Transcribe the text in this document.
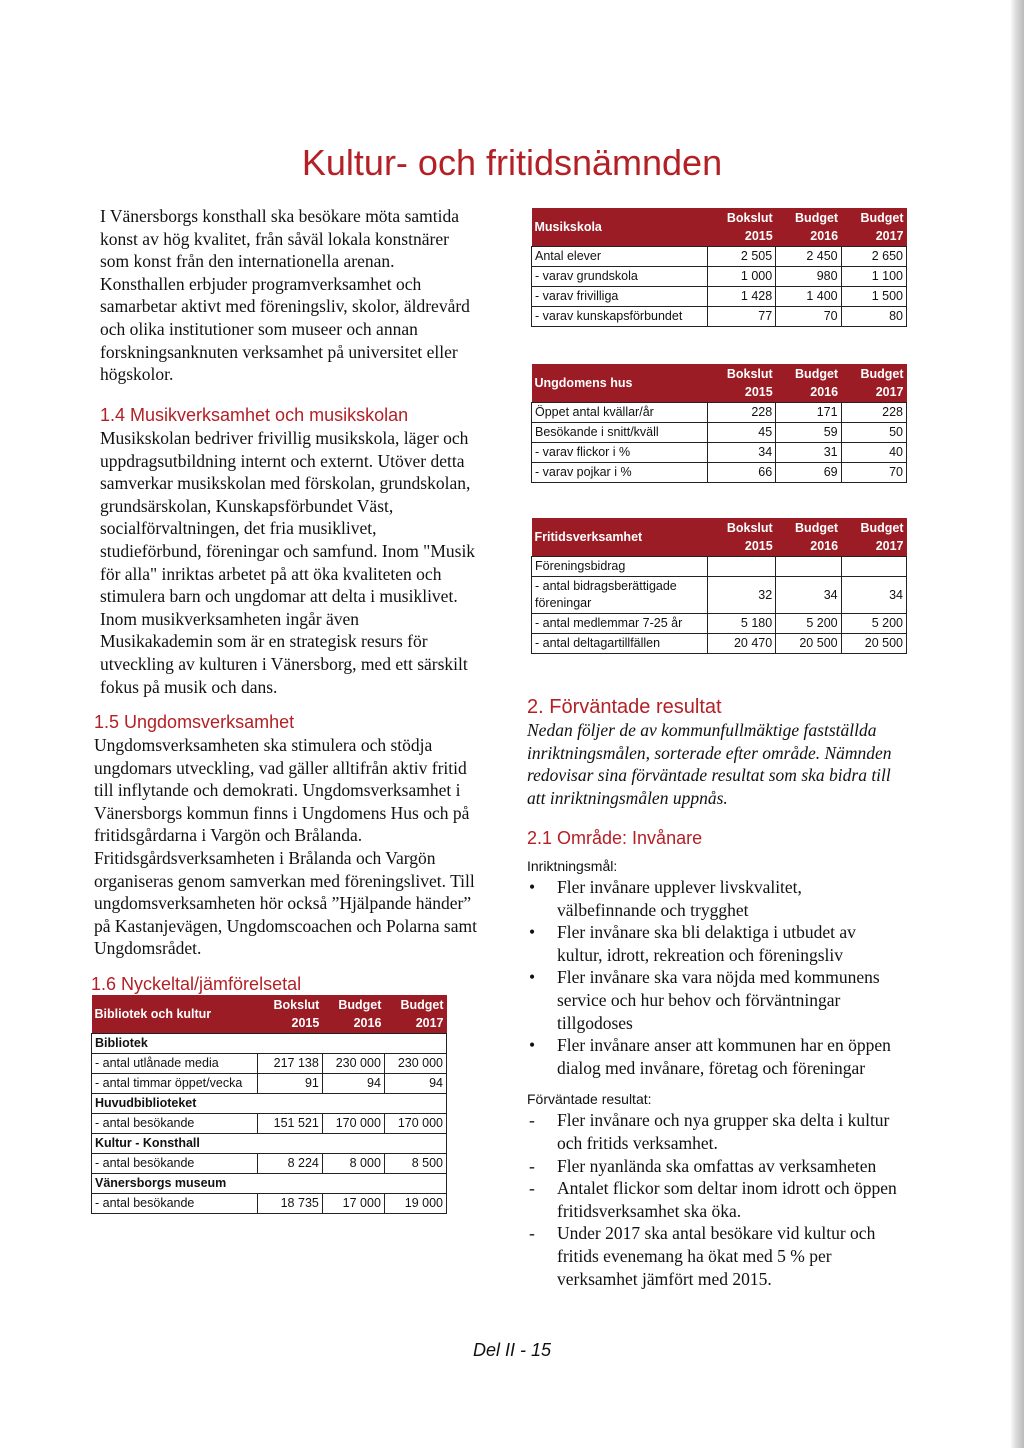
Kultur- och fritidsnämnden

I Vänersborgs konsthall ska besökare möta samtida konst av hög kvalitet, från såväl lokala konstnärer som konst från den internationella arenan. Konsthallen erbjuder programverksamhet och samarbetar aktivt med föreningsliv, skolor, äldrevård och olika institutioner som museer och annan forskningsanknuten verksamhet på universitet eller högskolor.

1.4 Musikverksamhet och musikskolan

Musikskolan bedriver frivillig musikskola, läger och uppdragsutbildning internt och externt. Utöver detta samverkar musikskolan med förskolan, grundskolan, grundsärskolan, Kunskapsförbundet Väst, socialförvaltningen, det fria musiklivet, studieförbund, föreningar och samfund. Inom "Musik för alla" inriktas arbetet på att öka kvaliteten och stimulera barn och ungdomar att delta i musiklivet. Inom musikverksamheten ingår även Musikakademin som är en strategisk resurs för utveckling av kulturen i Vänersborg, med ett särskilt fokus på musik och dans.

1.5 Ungdomsverksamhet

Ungdomsverksamheten ska stimulera och stödja ungdomars utveckling, vad gäller alltifrån aktiv fritid till inflytande och demokrati. Ungdomsverksamhet i Vänersborgs kommun finns i Ungdomens Hus och på fritidsgårdarna i Vargön och Brålanda. Fritidsgårdsverksamheten i Brålanda och Vargön organiseras genom samverkan med föreningslivet. Till ungdomsverksamheten hör också ”Hjälpande händer” på Kastanjevägen, Ungdomscoachen och Polarna samt Ungdomsrådet.

1.6 Nyckeltal/jämförelsetal

Bibliotek och kultur	Bokslut 2015	Budget 2016	Budget 2017
Bibliotek			
- antal utlånade media	217 138	230 000	230 000
- antal timmar öppet/vecka	91	94	94
Huvudbiblioteket			
- antal besökande	151 521	170 000	170 000
Kultur - Konsthall			
- antal besökande	8 224	8 000	8 500
Vänersborgs museum			
- antal besökande	18 735	17 000	19 000
Musikskola	Bokslut 2015	Budget 2016	Budget 2017
Antal elever	2 505	2 450	2 650
- varav grundskola	1 000	980	1 100
- varav frivilliga	1 428	1 400	1 500
- varav kunskapsförbundet	77	70	80
Ungdomens hus	Bokslut 2015	Budget 2016	Budget 2017
Öppet antal kvällar/år	228	171	228
Besökande i snitt/kväll	45	59	50
- varav flickor i %	34	31	40
- varav pojkar i %	66	69	70
Fritidsverksamhet	Bokslut 2015	Budget 2016	Budget 2017
Föreningsbidrag			
- antal bidragsberättigade föreningar	32	34	34
- antal medlemmar 7-25 år	5 180	5 200	5 200
- antal deltagartillfällen	20 470	20 500	20 500

2. Förväntade resultat

Nedan följer de av kommunfullmäktige fastställda inriktningsmålen, sorterade efter område. Nämnden redovisar sina förväntade resultat som ska bidra till att inriktningsmålen uppnås.

2.1 Område: Invånare

Inriktningsmål:

• Fler invånare upplever livskvalitet, välbefinnande och trygghet
• Fler invånare ska bli delaktiga i utbudet av kultur, idrott, rekreation och föreningsliv
• Fler invånare ska vara nöjda med kommunens service och hur behov och förväntningar tillgodoses
• Fler invånare anser att kommunen har en öppen dialog med invånare, företag och föreningar

Förväntade resultat:

- Fler invånare och nya grupper ska delta i kultur och fritids verksamhet.
- Fler nyanlända ska omfattas av verksamheten
- Antalet flickor som deltar inom idrott och öppen fritidsverksamhet ska öka.
- Under 2017 ska antal besökare vid kultur och fritids evenemang ha ökat med 5 % per verksamhet jämfört med 2015.
Del II - 15
